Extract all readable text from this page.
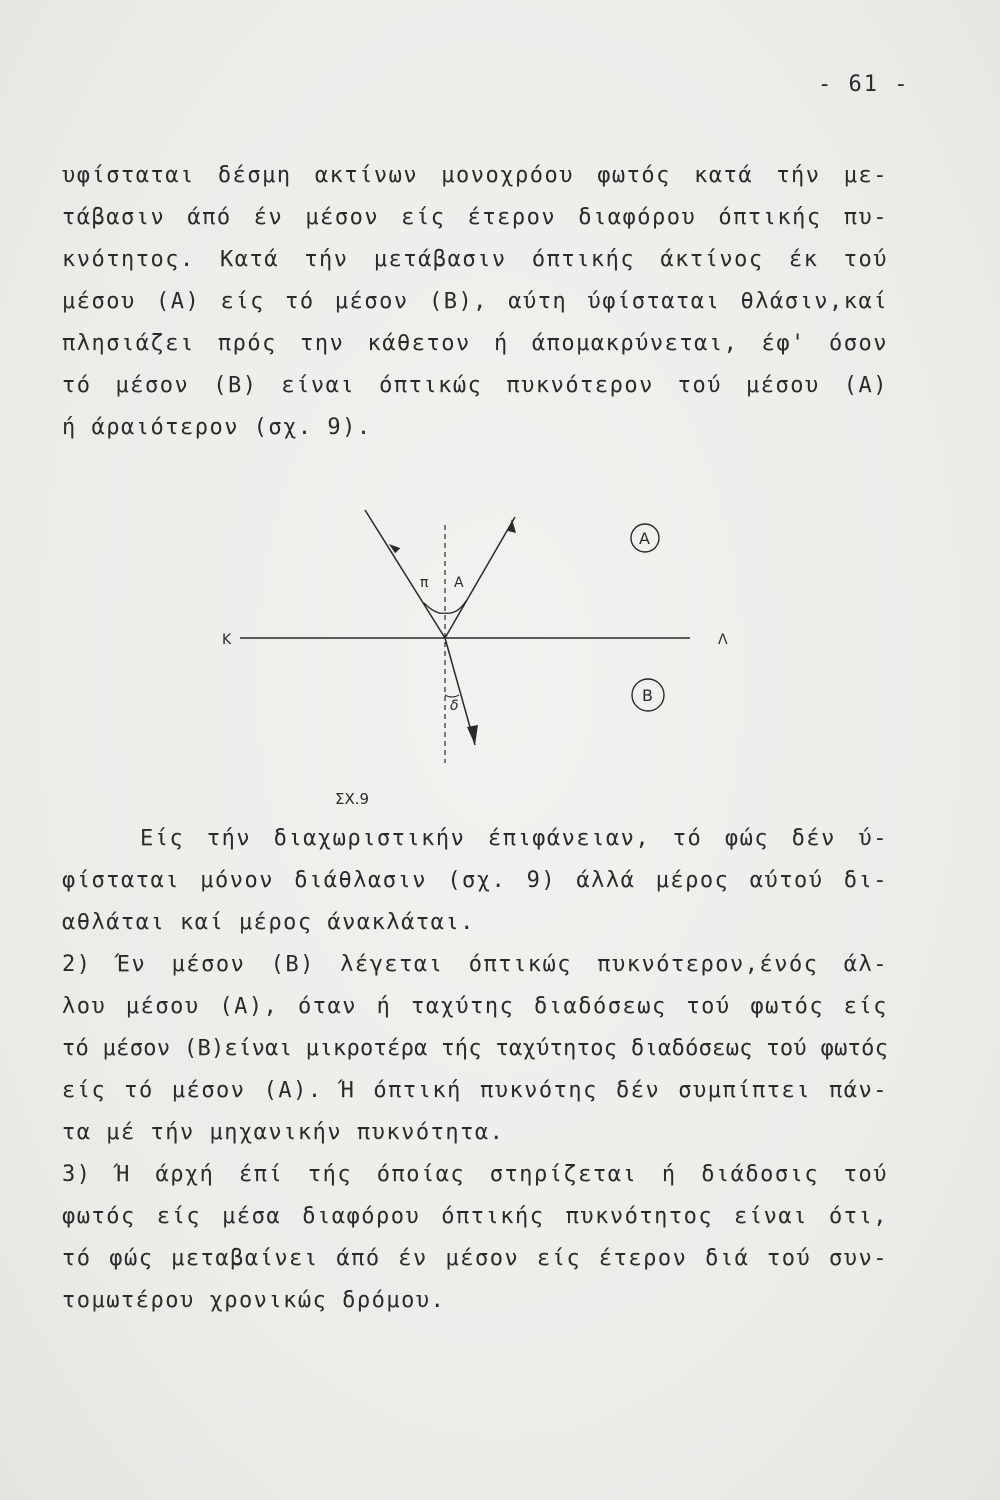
- 61 -
υφίσταται δέσμη ακτίνων μονοχρόου φωτός κατά τήν με-
τάβασιν άπό έν μέσον είς έτερον διαφόρου όπτικής πυ-
κνότητος. Κατά τήν μετάβασιν όπτικής άκτίνος έκ τού
μέσου (Α) είς τό μέσον (Β), αύτη ύφίσταται θλάσιν,καί
πλησιάζει πρός την κάθετον ή άπομακρύνεται, έφ' όσον
τό μέσον (Β) είναι όπτικώς πυκνότερον τού μέσου (Α)
ή άραιότερον (σχ. 9).
A
B
π A
δ
Κ	Λ
ΣΧ.9
Είς τήν διαχωριστικήν έπιφάνειαν, τό φώς δέν ύ-
φίσταται μόνον διάθλασιν (σχ. 9) άλλά μέρος αύτού δι-
αθλάται καί μέρος άνακλάται.
2) Έν μέσον (Β) λέγεται όπτικώς πυκνότερον,ένός άλ-
λου μέσου (Α), όταν ή ταχύτης διαδόσεως τού φωτός είς
τό μέσον (Β)είναι μικροτέρα τής ταχύτητος διαδόσεως τού φωτός
είς τό μέσον (Α). Ή όπτική πυκνότης δέν συμπίπτει πάν-
τα μέ τήν μηχανικήν πυκνότητα.
3) Ή άρχή έπί τής όποίας στηρίζεται ή διάδοσις τού
φωτός είς μέσα διαφόρου όπτικής πυκνότητος είναι ότι,
τό φώς μεταβαίνει άπό έν μέσον είς έτερον διά τού συν-
τομωτέρου χρονικώς δρόμου.
